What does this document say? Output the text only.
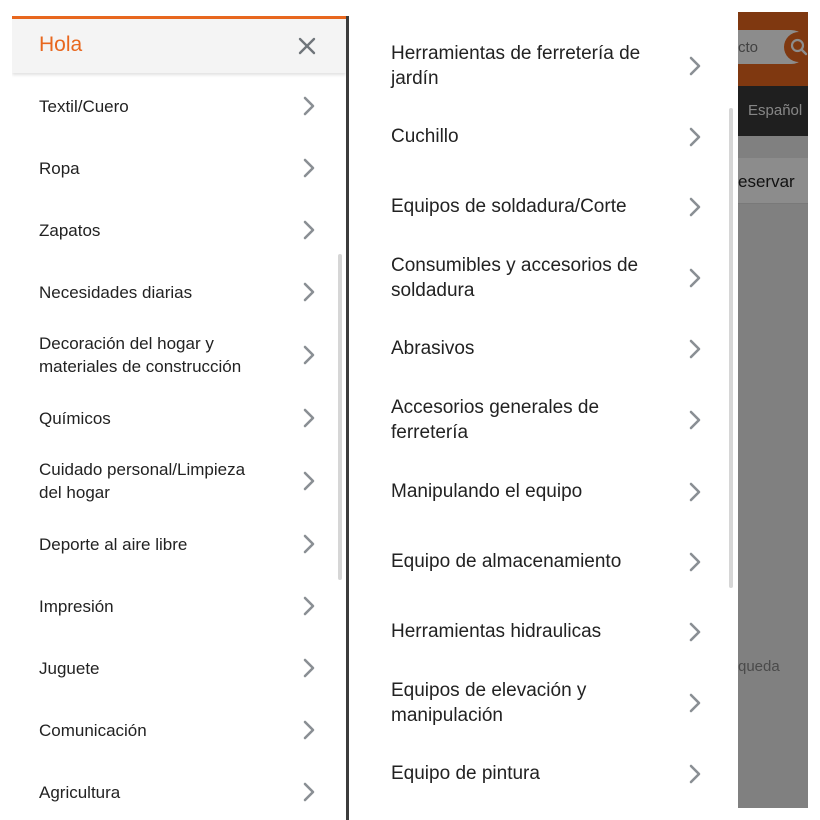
cto
Español
eservar
queda
Hola
Textil/Cuero
Ropa
Zapatos
Necesidades diarias
Decoración del hogar y materiales de construcción
Químicos
Cuidado personal/Limpieza del hogar
Deporte al aire libre
Impresión
Juguete
Comunicación
Agricultura
Herramientas de ferretería de jardín
Cuchillo
Equipos de soldadura/Corte
Consumibles y accesorios de soldadura
Abrasivos
Accesorios generales de ferretería
Manipulando el equipo
Equipo de almacenamiento
Herramientas hidraulicas
Equipos de elevación y manipulación
Equipo de pintura
